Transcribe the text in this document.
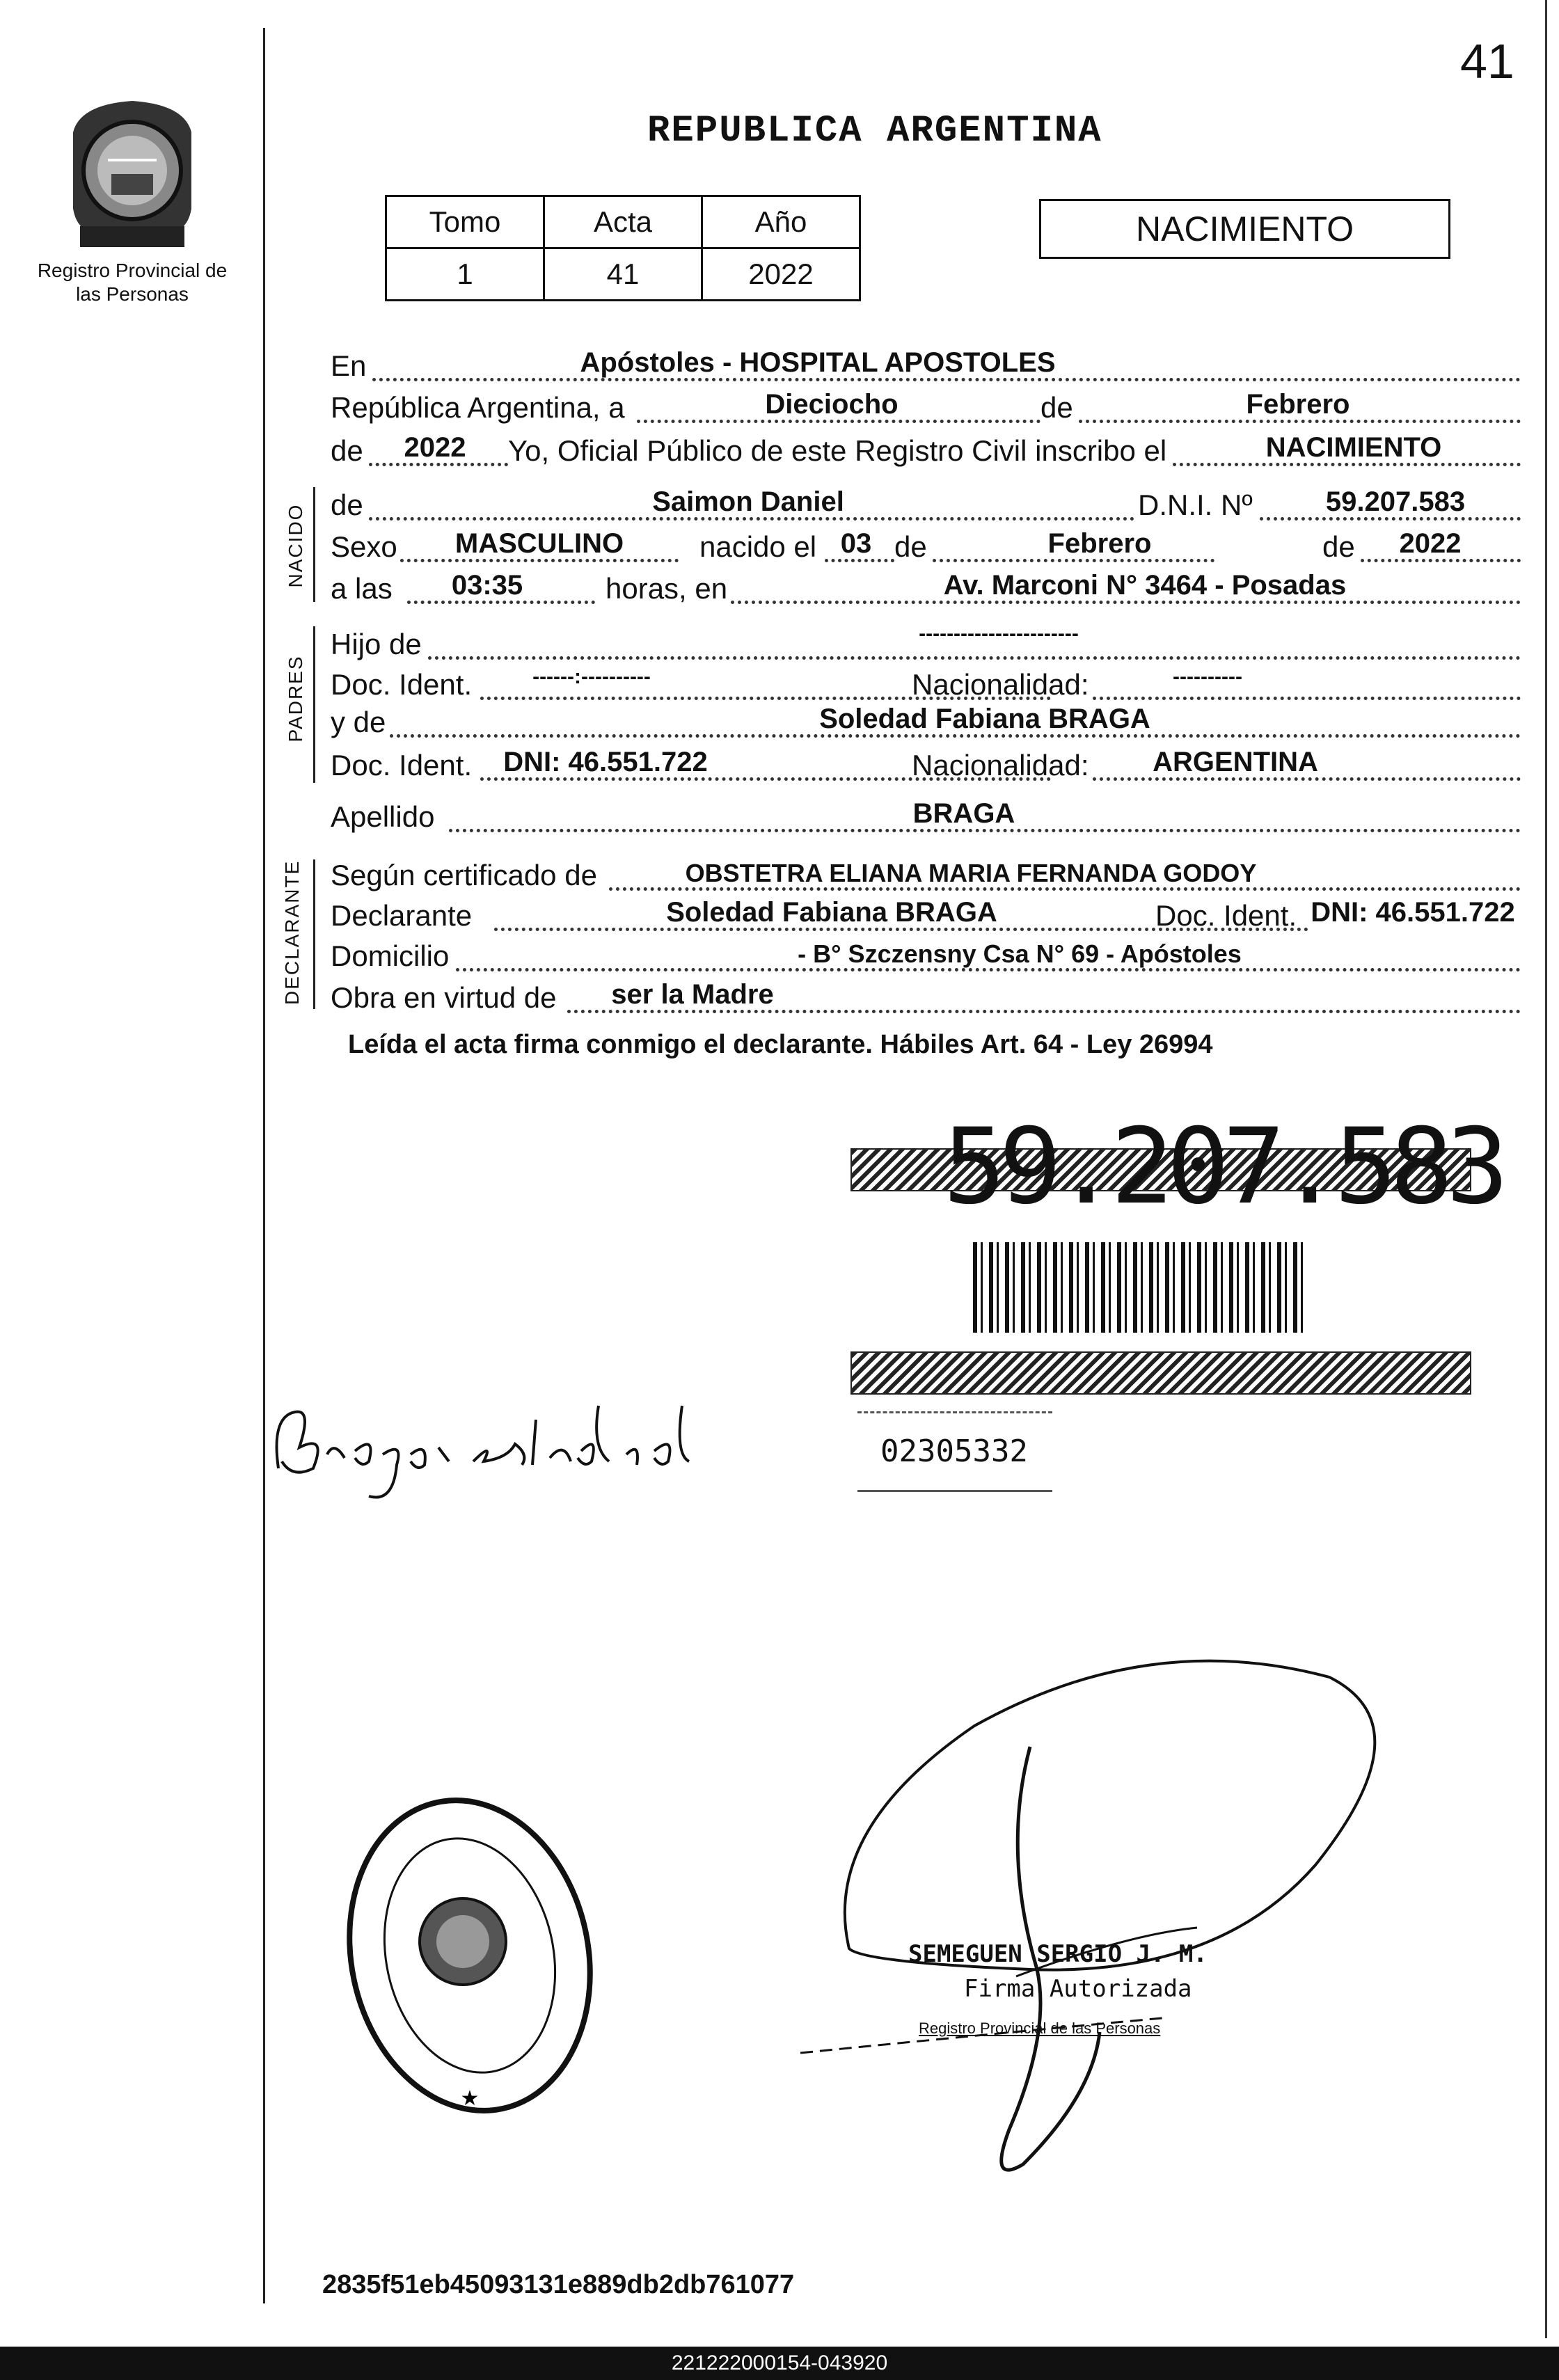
41
Registro Provincial de las Personas
REPUBLICA ARGENTINA
Tomo	Acta	Año
1	41	2022
NACIMIENTO
NACIDO
PADRES
DECLARANTE
En	Apóstoles - HOSPITAL APOSTOLES
República Argentina, a	Dieciocho	de	Febrero
de	2022	Yo, Oficial Público de este Registro Civil inscribo el	NACIMIENTO
de	Saimon Daniel	D.N.I. Nº	59.207.583
Sexo	MASCULINO	nacido el 03 de	Febrero	de	2022
a las	03:35	horas, en	Av. Marconi N° 3464 - Posadas
Hijo de	-----------------------
Doc. Ident.	------:----------	Nacionalidad:	----------
y de	Soledad Fabiana BRAGA
Doc. Ident.	DNI: 46.551.722	Nacionalidad:	ARGENTINA
Apellido	BRAGA
Según certificado de	OBSTETRA ELIANA MARIA FERNANDA GODOY
Declarante	Soledad Fabiana BRAGA	Doc. Ident. DNI: 46.551.722
Domicilio	- B° Szczensny Csa N° 69 - Apóstoles
Obra en virtud de	ser la Madre
Leída el acta firma conmigo el declarante. Hábiles Art. 64 - Ley 26994
59.207.583
02305332
★
SEMEGUEN SERGIO J. M.
Firma Autorizada
Registro Provincial de las Personas
2835f51eb45093131e889db2db761077
221222000154-043920
